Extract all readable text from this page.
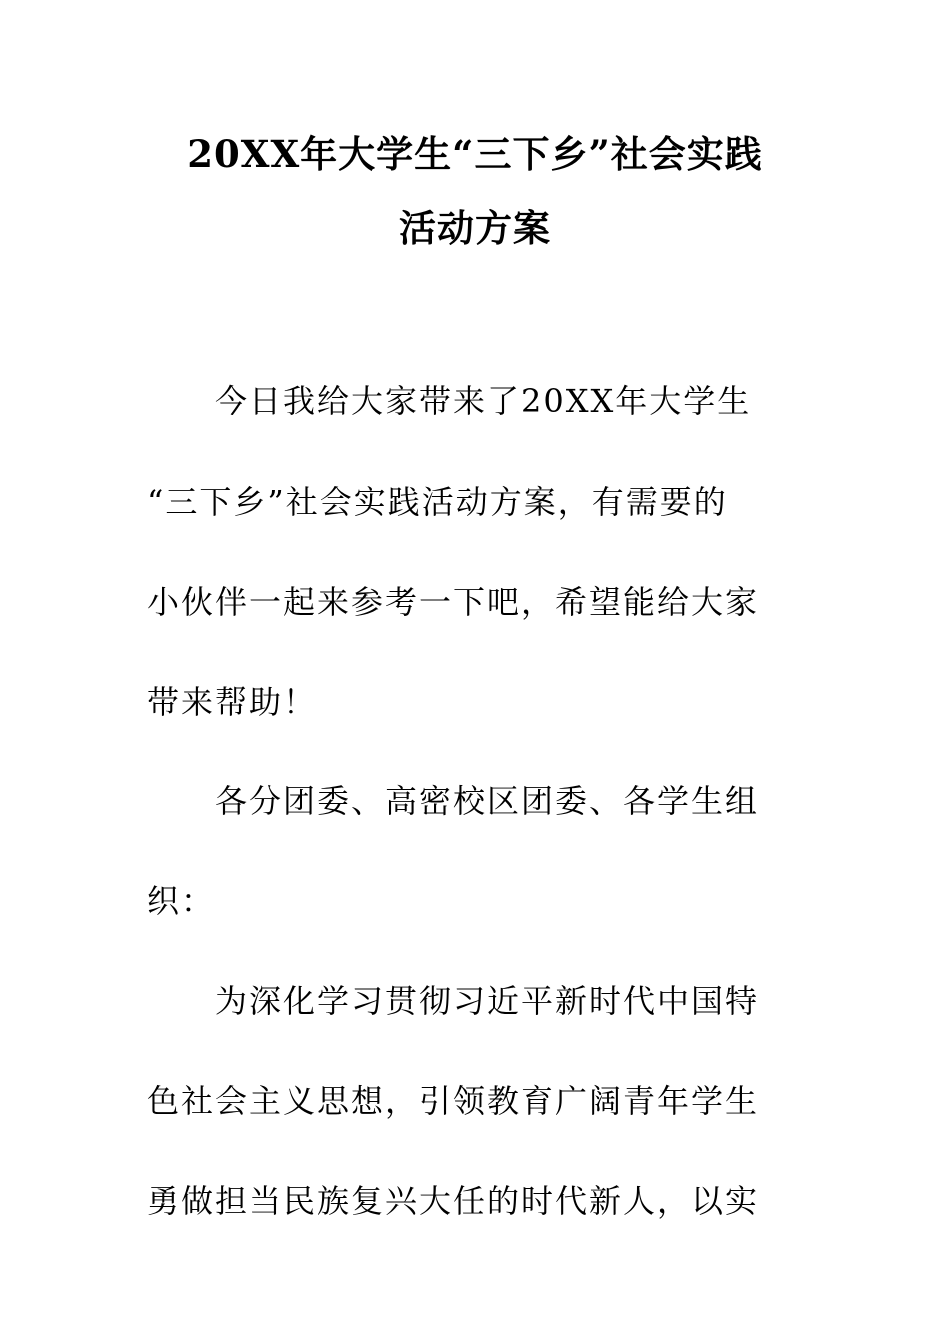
20XX年大学生“三下乡”社会实践
活动方案
今日我给大家带来了20XX年大学生
“三下乡”社会实践活动方案，有需要的
小伙伴一起来参考一下吧，希望能给大家
带来帮助！
各分团委、高密校区团委、各学生组
织：
为深化学习贯彻习近平新时代中国特
色社会主义思想，引领教育广阔青年学生
勇做担当民族复兴大任的时代新人，以实
